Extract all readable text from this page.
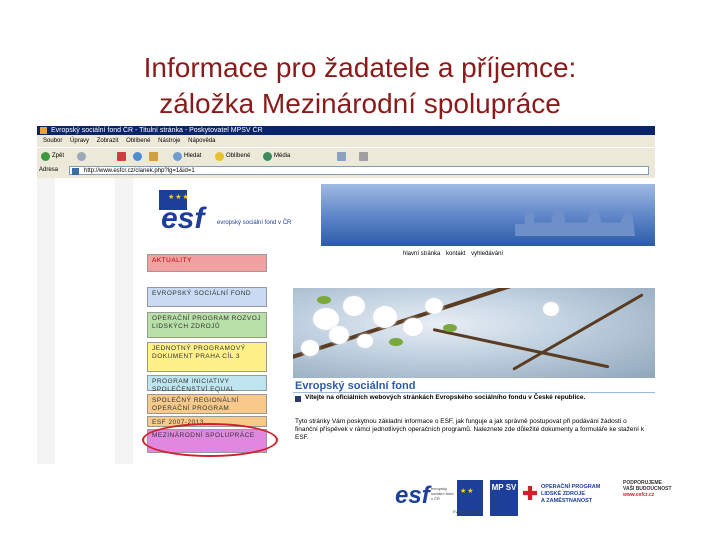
Informace pro žadatele a příjemce:
záložka Mezinárodní spolupráce
Evropský sociální fond ČR - Titulní stránka - Poskytovatel MPSV ČR
Soubor Úpravy Zobrazit Oblíbené Nástroje Nápověda
Zpět	Hledat	Oblíbené	Média
Adresa	http://www.esfcr.cz/clanek.php?lg=1&id=1
★★★
esf evropský sociální fond v ČR
hlavní stránka kontakt vyhledávání
AKTUALITY
EVROPSKÝ SOCIÁLNÍ FOND
OPERAČNÍ PROGRAM ROZVOJ LIDSKÝCH ZDROJŮ
JEDNOTNÝ PROGRAMOVÝ DOKUMENT PRAHA CÍL 3
PROGRAM INICIATIVY SPOLEČENSTVÍ EQUAL
SPOLEČNÝ REGIONÁLNÍ OPERAČNÍ PROGRAM
ESF 2007-2013
MEZINÁRODNÍ SPOLUPRÁCE
Evropský sociální fond
Vítejte na oficiálních webových stránkách Evropského sociálního fondu v České republice.
Tyto stránky Vám poskytnou základní informace o ESF, jak funguje a jak správně postupovat při podávání žádosti o finanční příspěvek v rámci jednotlivých operačních programů. Naleznete zde důležité dokumenty a formuláře ke stažení k ESF.
esf evropský sociální fond v ČR
★★
EVROPSKÁ UNIE
MP SV	OPERAČNÍ PROGRAM
LIDSKÉ ZDROJE
A ZAMĚSTNANOST
PODPORUJEME
VAŠI BUDOUCNOST
www.esfcr.cz
